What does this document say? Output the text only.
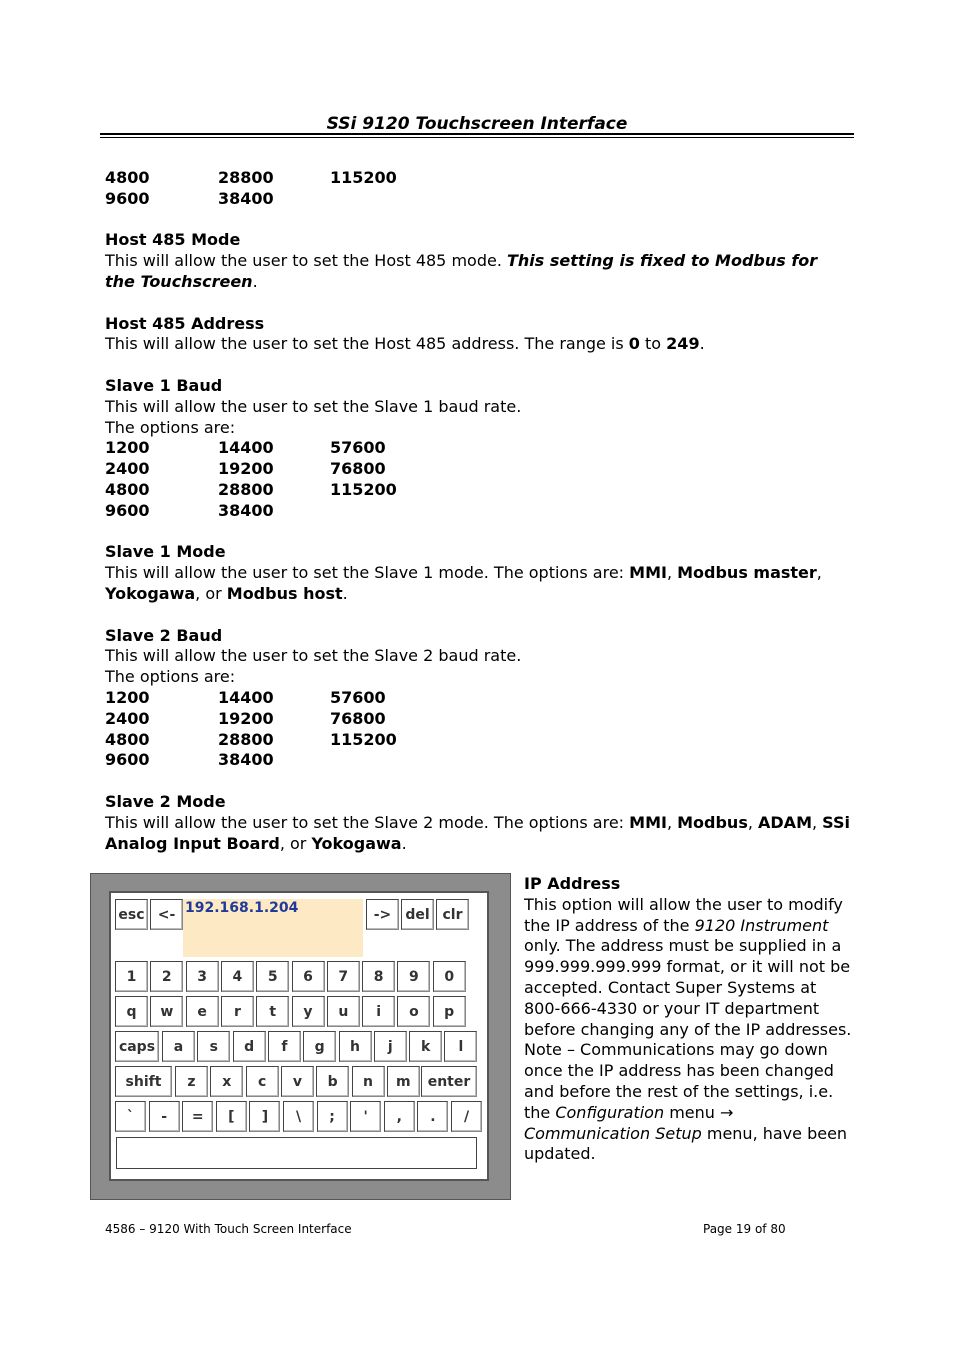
SSi 9120 Touchscreen Interface
4800	28800	115200
9600	38400
Host 485 Mode

This will allow the user to set the Host 485 mode. This setting is fixed to Modbus for the Touchscreen.

Host 485 Address

This will allow the user to set the Host 485 address. The range is 0 to 249.

Slave 1 Baud

This will allow the user to set the Slave 1 baud rate.

The options are:

1200	14400	57600
2400	19200	76800
4800	28800	115200
9600	38400
Slave 1 Mode

This will allow the user to set the Slave 1 mode. The options are: MMI, Modbus master, Yokogawa, or Modbus host.

Slave 2 Baud

This will allow the user to set the Slave 2 baud rate.

The options are:

1200	14400	57600
2400	19200	76800
4800	28800	115200
9600	38400
Slave 2 Mode

This will allow the user to set the Slave 2 mode. The options are: MMI, Modbus, ADAM, SSi Analog Input Board, or Yokogawa.

esc <- 192.168.1.204	->	del clr
1	2	3	4	5	6	7	8	9	0
q	w	e	r	t	y	u	i	o	p
caps	a	s	d	f	g	h	j	k	l
shift	z	x	c	v	b	n	m	enter
`	-	=	[	]	\	;	'	,	.	/
IP Address

This option will allow the user to modify the IP address of the 9120 Instrument only. The address must be supplied in a 999.999.999.999 format, or it will not be accepted. Contact Super Systems at 800-666-4330 or your IT department before changing any of the IP addresses. Note – Communications may go down once the IP address has been changed and before the rest of the settings, i.e. the Configuration menu → Communication Setup menu, have been updated.

4586 – 9120 With Touch Screen Interface	Page 19 of 80
